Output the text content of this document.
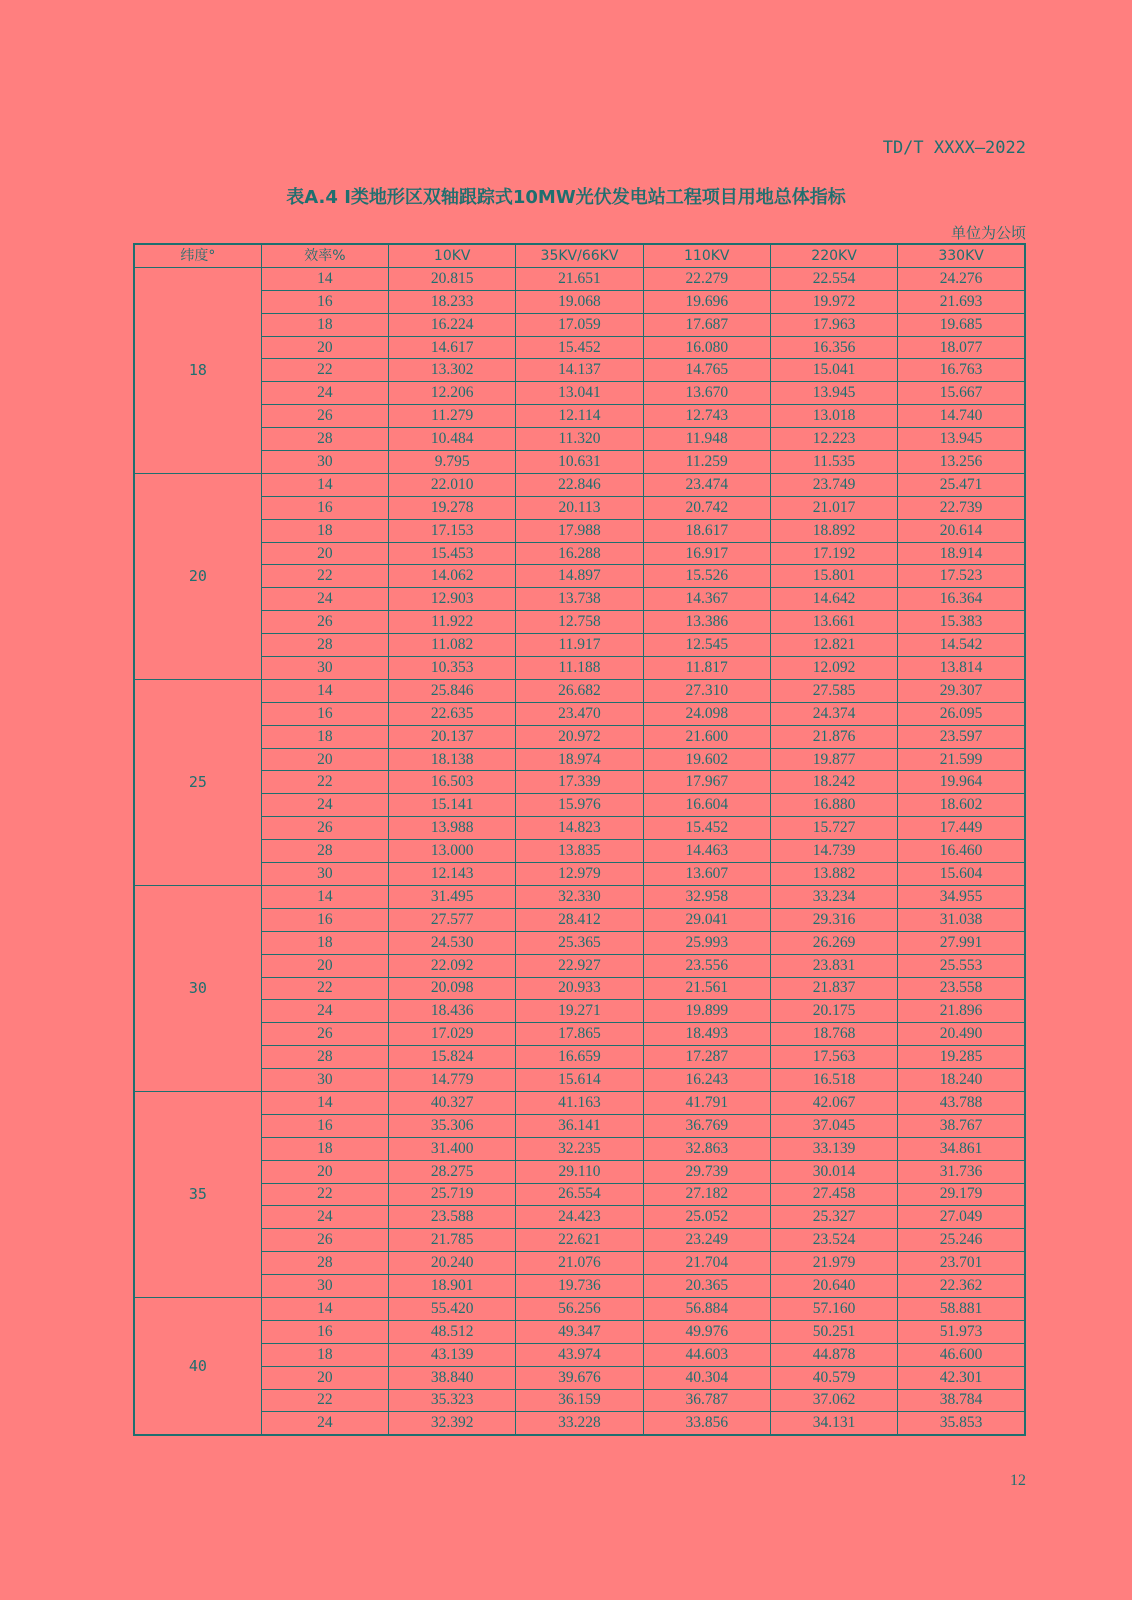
TD/T XXXX—2022
表A.4 Ⅰ类地形区双轴跟踪式10MW光伏发电站工程项目用地总体指标
单位为公顷
纬度°	效率%	10KV	35KV/66KV	110KV	220KV	330KV
18	14	20.815	21.651	22.279	22.554	24.276
	16	18.233	19.068	19.696	19.972	21.693
	18	16.224	17.059	17.687	17.963	19.685
	20	14.617	15.452	16.080	16.356	18.077
	22	13.302	14.137	14.765	15.041	16.763
	24	12.206	13.041	13.670	13.945	15.667
	26	11.279	12.114	12.743	13.018	14.740
	28	10.484	11.320	11.948	12.223	13.945
	30	9.795	10.631	11.259	11.535	13.256
20	14	22.010	22.846	23.474	23.749	25.471
	16	19.278	20.113	20.742	21.017	22.739
	18	17.153	17.988	18.617	18.892	20.614
	20	15.453	16.288	16.917	17.192	18.914
	22	14.062	14.897	15.526	15.801	17.523
	24	12.903	13.738	14.367	14.642	16.364
	26	11.922	12.758	13.386	13.661	15.383
	28	11.082	11.917	12.545	12.821	14.542
	30	10.353	11.188	11.817	12.092	13.814
25	14	25.846	26.682	27.310	27.585	29.307
	16	22.635	23.470	24.098	24.374	26.095
	18	20.137	20.972	21.600	21.876	23.597
	20	18.138	18.974	19.602	19.877	21.599
	22	16.503	17.339	17.967	18.242	19.964
	24	15.141	15.976	16.604	16.880	18.602
	26	13.988	14.823	15.452	15.727	17.449
	28	13.000	13.835	14.463	14.739	16.460
	30	12.143	12.979	13.607	13.882	15.604
30	14	31.495	32.330	32.958	33.234	34.955
	16	27.577	28.412	29.041	29.316	31.038
	18	24.530	25.365	25.993	26.269	27.991
	20	22.092	22.927	23.556	23.831	25.553
	22	20.098	20.933	21.561	21.837	23.558
	24	18.436	19.271	19.899	20.175	21.896
	26	17.029	17.865	18.493	18.768	20.490
	28	15.824	16.659	17.287	17.563	19.285
	30	14.779	15.614	16.243	16.518	18.240
35	14	40.327	41.163	41.791	42.067	43.788
	16	35.306	36.141	36.769	37.045	38.767
	18	31.400	32.235	32.863	33.139	34.861
	20	28.275	29.110	29.739	30.014	31.736
	22	25.719	26.554	27.182	27.458	29.179
	24	23.588	24.423	25.052	25.327	27.049
	26	21.785	22.621	23.249	23.524	25.246
	28	20.240	21.076	21.704	21.979	23.701
	30	18.901	19.736	20.365	20.640	22.362
40	14	55.420	56.256	56.884	57.160	58.881
	16	48.512	49.347	49.976	50.251	51.973
	18	43.139	43.974	44.603	44.878	46.600
	20	38.840	39.676	40.304	40.579	42.301
	22	35.323	36.159	36.787	37.062	38.784
	24	32.392	33.228	33.856	34.131	35.853
12
